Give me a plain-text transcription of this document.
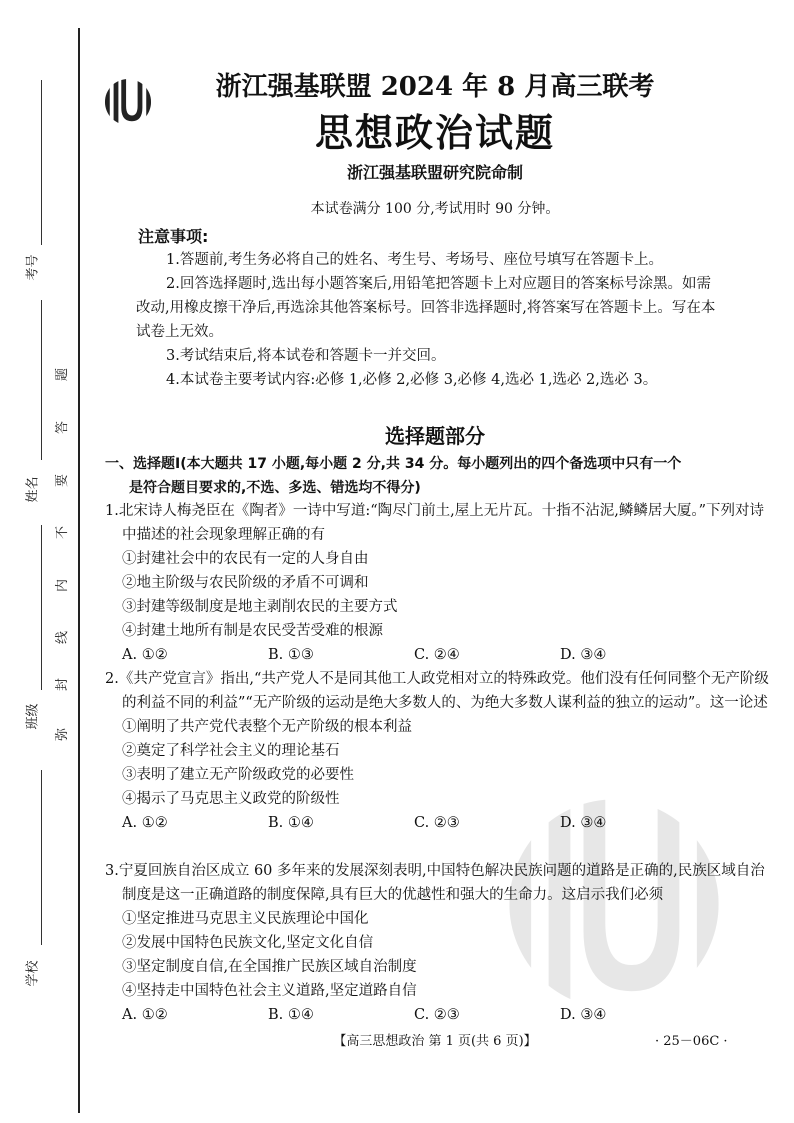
考号
姓名
班级
学校
题
答
要
不
内
线
封
弥
浙江强基联盟 2024 年 8 月高三联考
思想政治试题
浙江强基联盟研究院命制
本试卷满分 100 分,考试用时 90 分钟。
注意事项:

1.答题前,考生务必将自己的姓名、考生号、考场号、座位号填写在答题卡上。

2.回答选择题时,选出每小题答案后,用铅笔把答题卡上对应题目的答案标号涂黑。如需改动,用橡皮擦干净后,再选涂其他答案标号。回答非选择题时,将答案写在答题卡上。写在本试卷上无效。

3.考试结束后,将本试卷和答题卡一并交回。

4.本试卷主要考试内容:必修 1,必修 2,必修 3,必修 4,选必 1,选必 2,选必 3。

选择题部分
一、选择题Ⅰ(本大题共 17 小题,每小题 2 分,共 34 分。每小题列出的四个备选项中只有一个
是符合题目要求的,不选、多选、错选均不得分)

1.北宋诗人梅尧臣在《陶者》一诗中写道:“陶尽门前土,屋上无片瓦。十指不沾泥,鳞鳞居大厦。”下列对诗中描述的社会现象理解正确的有

①封建社会中的农民有一定的人身自由

②地主阶级与农民阶级的矛盾不可调和

③封建等级制度是地主剥削农民的主要方式

④封建土地所有制是农民受苦受难的根源

A. ①②	B. ①③	C. ②④	D. ③④

2.《共产党宣言》指出,“共产党人不是同其他工人政党相对立的特殊政党。他们没有任何同整个无产阶级的利益不同的利益”“无产阶级的运动是绝大多数人的、为绝大多数人谋利益的独立的运动”。这一论述

①阐明了共产党代表整个无产阶级的根本利益

②奠定了科学社会主义的理论基石

③表明了建立无产阶级政党的必要性

④揭示了马克思主义政党的阶级性

A. ①②	B. ①④	C. ②③	D. ③④

3.宁夏回族自治区成立 60 多年来的发展深刻表明,中国特色解决民族问题的道路是正确的,民族区域自治制度是这一正确道路的制度保障,具有巨大的优越性和强大的生命力。这启示我们必须

①坚定推进马克思主义民族理论中国化

②发展中国特色民族文化,坚定文化自信

③坚定制度自信,在全国推广民族区域自治制度

④坚持走中国特色社会主义道路,坚定道路自信

A. ①②	B. ①④	C. ②③	D. ③④
【高三思想政治 第 1 页(共 6 页)】	· 25－06C ·
